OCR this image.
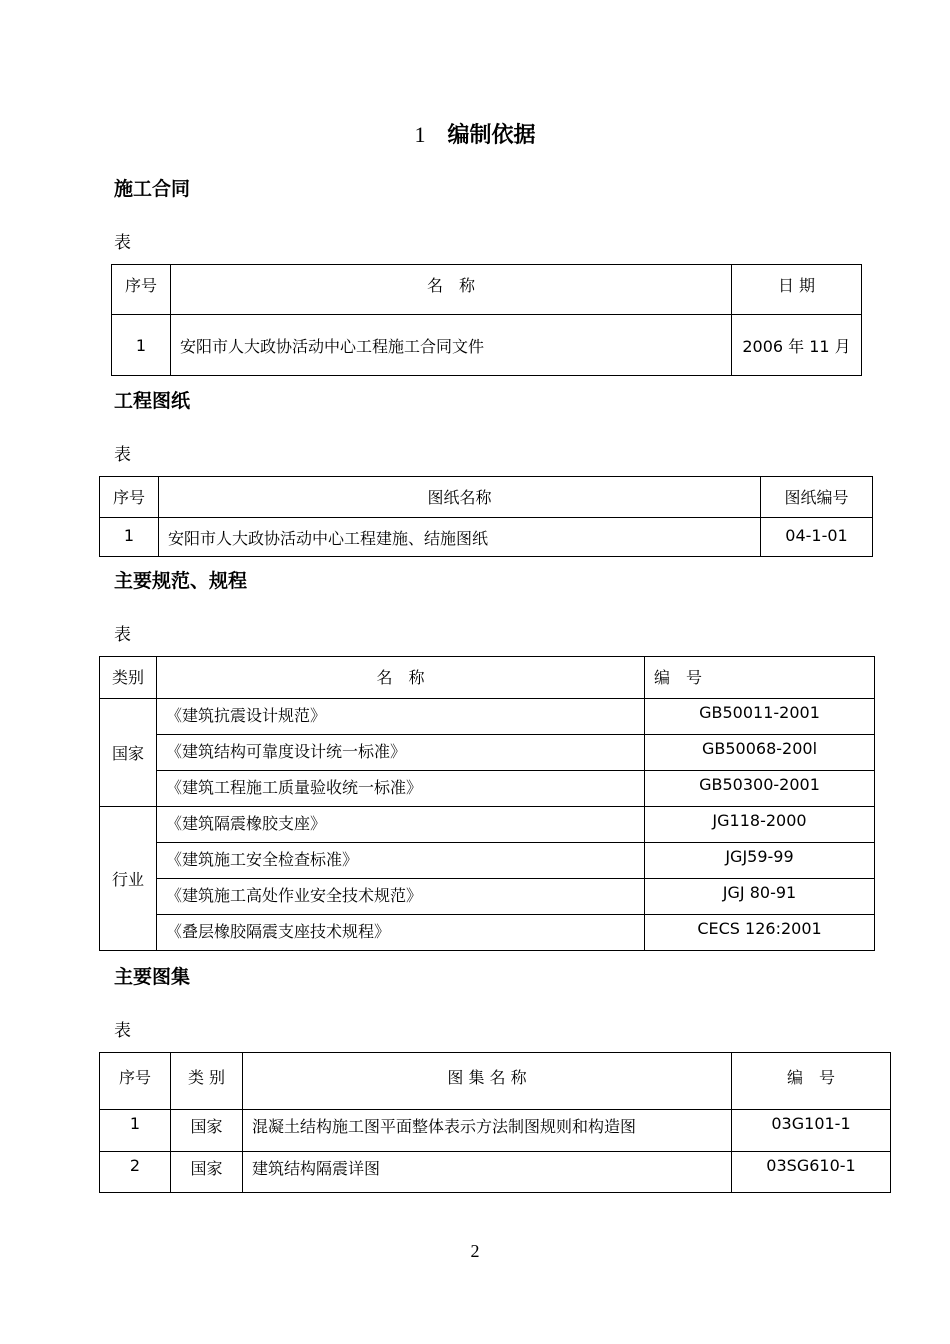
1 编制依据
施工合同
表
序号	名　称	日 期
1	安阳市人大政协活动中心工程施工合同文件	2006 年 11 月
工程图纸
表
序号	图纸名称	图纸编号
1	安阳市人大政协活动中心工程建施、结施图纸	04-1-01
主要规范、规程
表
类别	名　称	编　号
国家	《建筑抗震设计规范》	GB50011-2001
	《建筑结构可靠度设计统一标准》	GB50068-200l
	《建筑工程施工质量验收统一标准》	GB50300-2001
行业	《建筑隔震橡胶支座》	JG118-2000
	《建筑施工安全检查标准》	JGJ59-99
	《建筑施工高处作业安全技术规范》	JGJ 80-91
	《叠层橡胶隔震支座技术规程》	CECS 126:2001
主要图集
表
序号	类 别	图 集 名 称	编　号
1	国家	混凝土结构施工图平面整体表示方法制图规则和构造图	03G101-1
2	国家	建筑结构隔震详图	03SG610-1
2
